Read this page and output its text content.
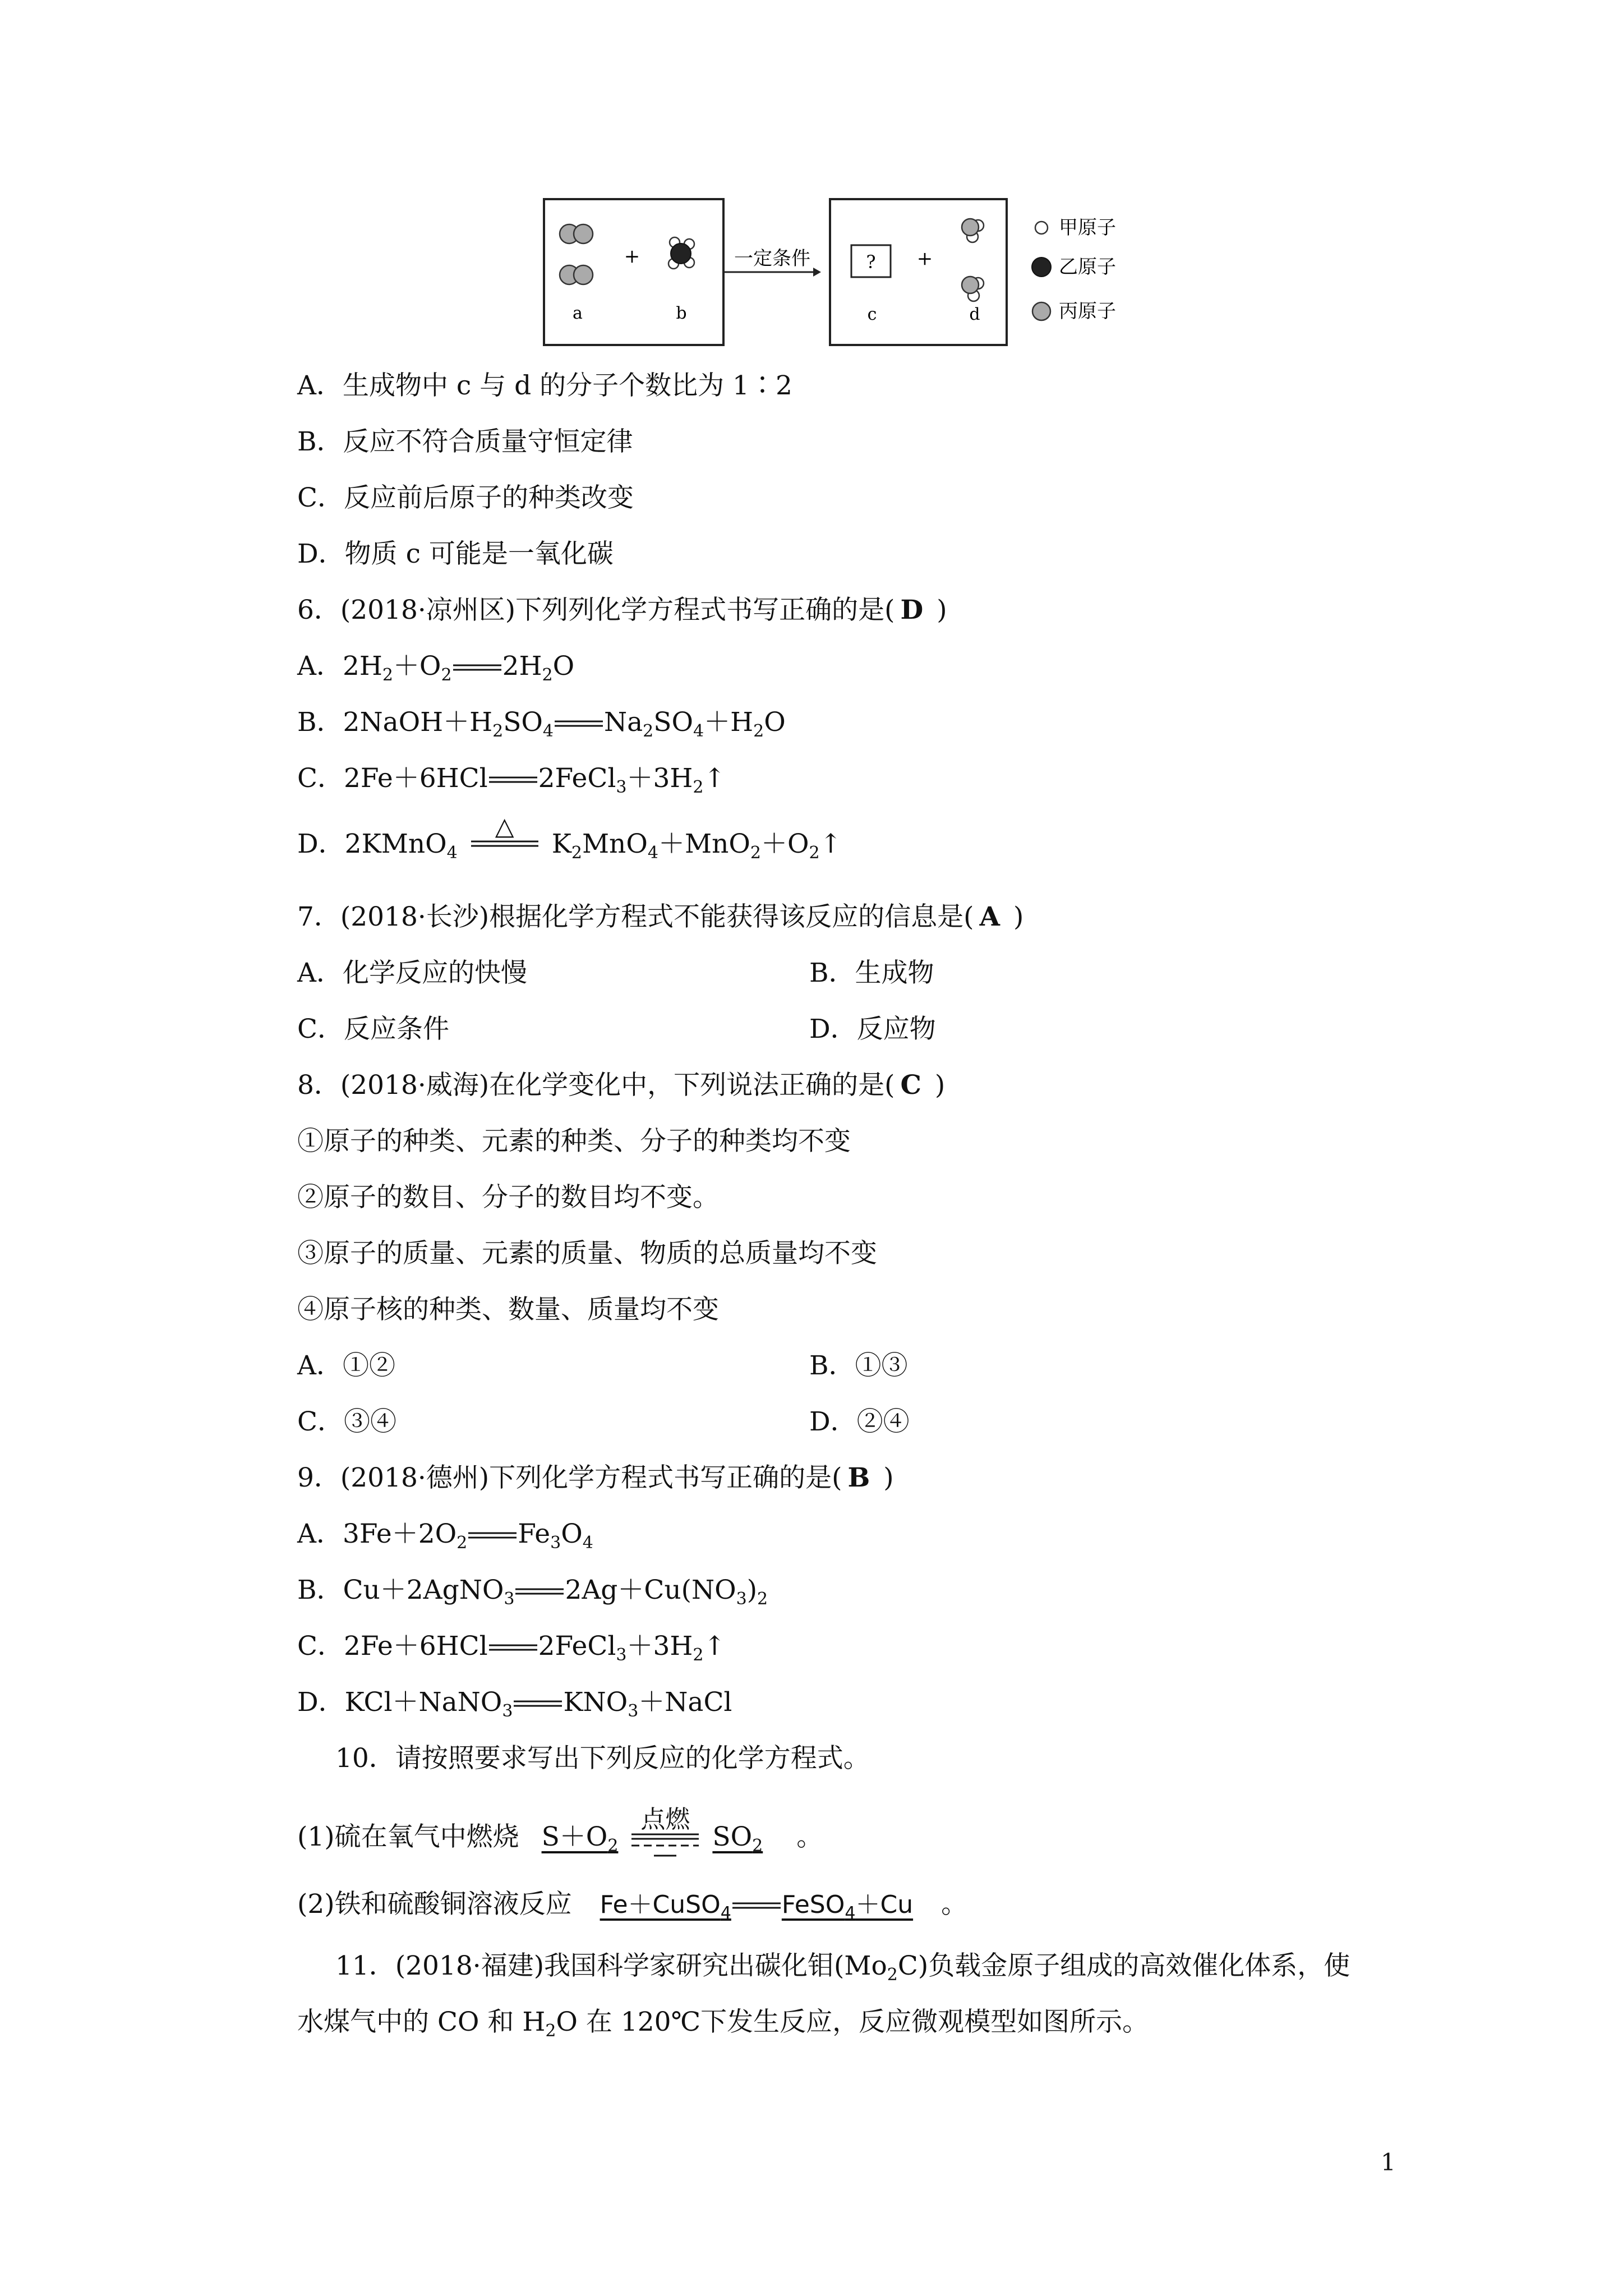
a
+
b
一定条件	? +
c	d
甲原子
乙原子
丙原子
A．生成物中 c 与 d 的分子个数比为 1∶2
B．反应不符合质量守恒定律
C．反应前后原子的种类改变
D．物质 c 可能是一氧化碳
6．(2018·凉州区)下列列化学方程式书写正确的是( D )
A．$2H_2+O_2$ $2H_2O$
B．$2NaOH+H_2SO_4$ $Na_2SO_4+H_2O$
C．2Fe＋6HCl $2FeCl_3+3H_2↑$
D．2KMnO$_4$
△
$K_2MnO_4+MnO_2+O_2↑$
7．(2018·长沙)根据化学方程式不能获得该反应的信息是( A )
A．化学反应的快慢	B．生成物
C．反应条件	D．反应物
8．(2018·威海)在化学变化中，下列说法正确的是( C )
①原子的种类、元素的种类、分子的种类均不变
②原子的数目、分子的数目均不变。
③原子的质量、元素的质量、物质的总质量均不变
④原子核的种类、数量、质量均不变
A．①②	B．①③
C．③④	D．②④
9．(2018·德州)下列化学方程式书写正确的是( B )
A．$3Fe+2O_2$ $Fe_3O_4$
B．Cu＋2AgNO$_3$ $2Ag+Cu(NO_3)_2$
C．2Fe＋6HCl $2FeCl_3+3H_2↑$
D．KCl＋NaNO$_3$ $KNO_3+NaCl$
10．请按照要求写出下列反应的化学方程式。
(1)硫在氧气中燃烧 $S+O_2$
点燃
$SO_2$ 。
(2)铁和硫酸铜溶液反应 Fe＋CuSO$_4$ FeSO$_4$＋Cu 。
11．(2018·福建)我国科学家研究出碳化钼$(Mo_2C)$负载金原子组成的高效催化体系，使
水煤气中的 CO 和 $H_2O$ 在 120℃下发生反应，反应微观模型如图所示。
1
